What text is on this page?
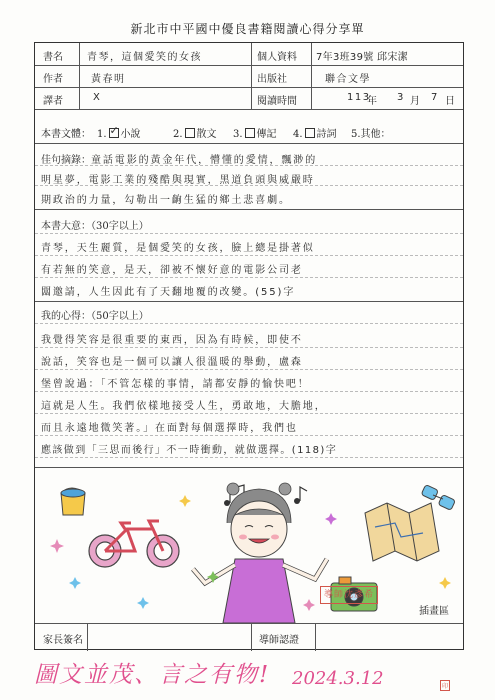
新北市中平國中優良書籍閱讀心得分享單
書名 青琴，這個愛笑的女孩
作者	黃春明
譯者	X
個人資料 7年3班39號 邱宋潔
出版社	聯合文學
閱讀時間	113
年 3 月 7 日
本書文體： 1.✓ 小說	2. 散文 3. 傳記 4. 詩詞 5.其他：
佳句摘錄：童話電影的黃金年代，懵懂的愛情，飄渺的
明星夢，電影工業的殘酷與現實，黑道負頭與威嚴時
期政治的力量，勾勒出一齣生猛的鄉土悲喜劇。
本書大意：（30字以上）
青琴，天生麗質，是個愛笑的女孩，臉上總是掛著似
有若無的笑意，是天，卻被不懷好意的電影公司老
闆邀請，人生因此有了天翻地覆的改變。(55)字
我的心得：（50字以上）
我覺得笑容是很重要的東西，因為有時候，即使不
說話，笑容也是一個可以讓人很溫暖的舉動，盧森
堡曾說過：「不管怎樣的事情，請都安靜的愉快吧！
這就是人生。我們依樣地接受人生，勇敢地，大膽地，
而且永遠地微笑著。」在面對每個選擇時，我們也
應該做到「三思而後行」不一時衝動，就做選擇。(118)字
插畫區
家長簽名	導師認證
導師沈彥希
圖文並茂、言之有物!	2024.3.12	印
